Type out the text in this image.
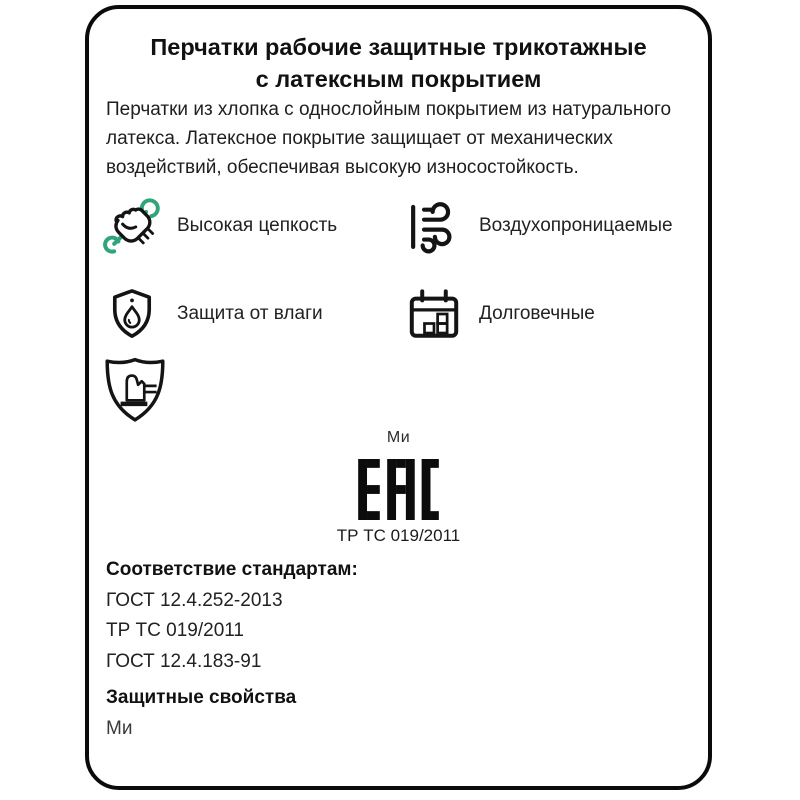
Перчатки рабочие защитные трикотажные
с латексным покрытием
Перчатки из хлопка с однослойным покрытием из натурального латекса. Латексное покрытие защищает от механических воздействий, обеспечивая высокую износостойкость.
Высокая цепкость	Воздухопроницаемые
Защита от влаги	Долговечные
Ми
ТР ТС 019/2011
Соответствие стандартам:
ГОСТ 12.4.252-2013
ТР ТС 019/2011
ГОСТ 12.4.183-91
Защитные свойства
Ми
